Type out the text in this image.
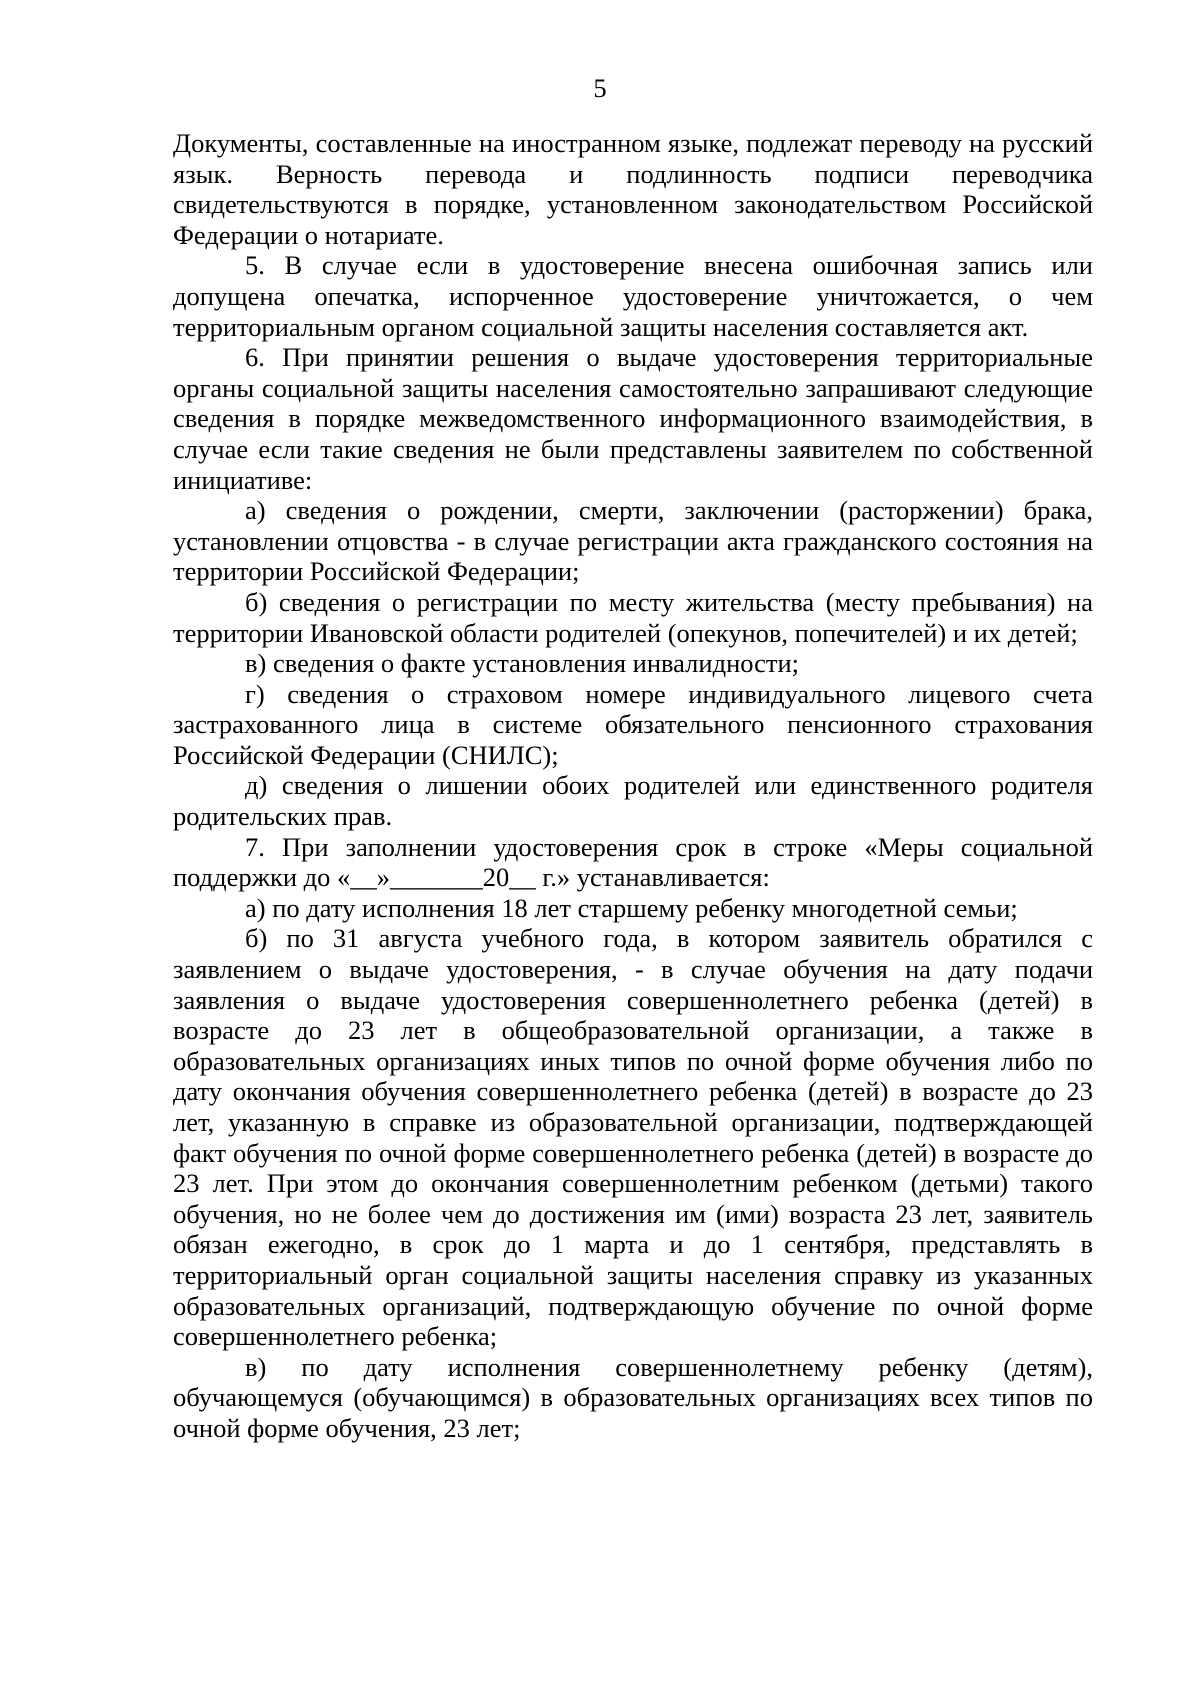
5

Документы, составленные на иностранном языке, подлежат переводу на русский язык. Верность перевода и подлинность подписи переводчика свидетельствуются в порядке, установленном законодательством Российской Федерации о нотариате.

5. В случае если в удостоверение внесена ошибочная запись или допущена опечатка, испорченное удостоверение уничтожается, о чем территориальным органом социальной защиты населения составляется акт.

6. При принятии решения о выдаче удостоверения территориальные органы социальной защиты населения самостоятельно запрашивают следующие сведения в порядке межведомственного информационного взаимодействия, в случае если такие сведения не были представлены заявителем по собственной инициативе:

а) сведения о рождении, смерти, заключении (расторжении) брака, установлении отцовства - в случае регистрации акта гражданского состояния на территории Российской Федерации;

б) сведения о регистрации по месту жительства (месту пребывания) на территории Ивановской области родителей (опекунов, попечителей) и их детей;

в) сведения о факте установления инвалидности;

г) сведения о страховом номере индивидуального лицевого счета застрахованного лица в системе обязательного пенсионного страхования Российской Федерации (СНИЛС);

д) сведения о лишении обоих родителей или единственного родителя родительских прав.

7. При заполнении удостоверения срок в строке «Меры социальной поддержки до «__»_______20__ г.» устанавливается:

а) по дату исполнения 18 лет старшему ребенку многодетной семьи;

б) по 31 августа учебного года, в котором заявитель обратился с заявлением о выдаче удостоверения, - в случае обучения на дату подачи заявления о выдаче удостоверения совершеннолетнего ребенка (детей) в возрасте до 23 лет в общеобразовательной организации, а также в образовательных организациях иных типов по очной форме обучения либо по дату окончания обучения совершеннолетнего ребенка (детей) в возрасте до 23 лет, указанную в справке из образовательной организации, подтверждающей факт обучения по очной форме совершеннолетнего ребенка (детей) в возрасте до 23 лет. При этом до окончания совершеннолетним ребенком (детьми) такого обучения, но не более чем до достижения им (ими) возраста 23 лет, заявитель обязан ежегодно, в срок до 1 марта и до 1 сентября, представлять в территориальный орган социальной защиты населения справку из указанных образовательных организаций, подтверждающую обучение по очной форме совершеннолетнего ребенка;

в) по дату исполнения совершеннолетнему ребенку (детям), обучающемуся (обучающимся) в образовательных организациях всех типов по очной форме обучения, 23 лет;
